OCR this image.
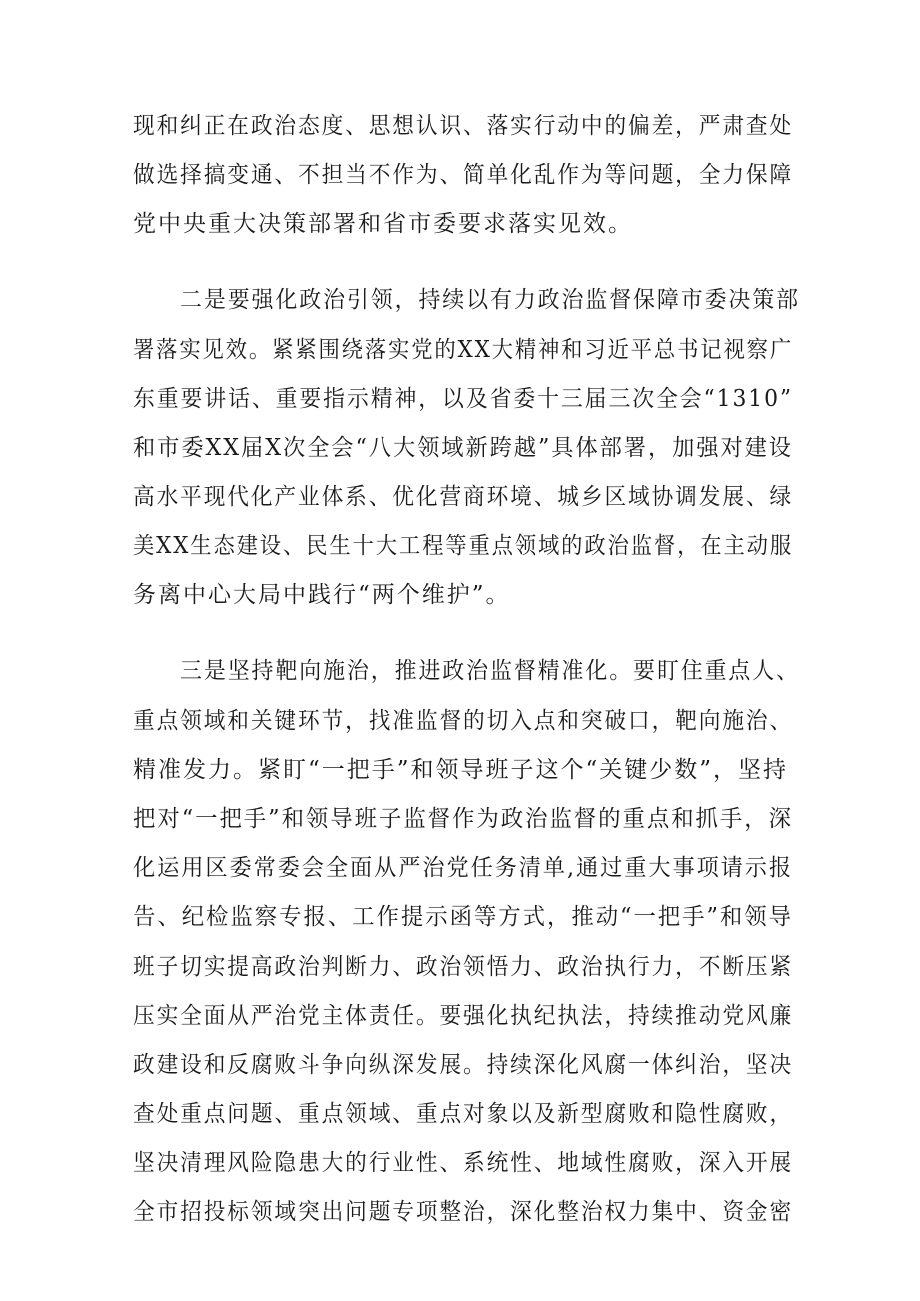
现和纠正在政治态度、思想认识、落实行动中的偏差，严肃查处
做选择搞变通、不担当不作为、简单化乱作为等问题，全力保障
党中央重大决策部署和省市委要求落实见效。
二是要强化政治引领，持续以有力政治监督保障市委决策部
署落实见效。紧紧围绕落实党的XX大精神和习近平总书记视察广
东重要讲话、重要指示精神，以及省委十三届三次全会“1310”
和市委XX届X次全会“八大领域新跨越”具体部署，加强对建设
高水平现代化产业体系、优化营商环境、城乡区域协调发展、绿
美XX生态建设、民生十大工程等重点领域的政治监督，在主动服
务离中心大局中践行“两个维护”。
三是坚持靶向施治，推进政治监督精准化。要盯住重点人、
重点领域和关键环节，找准监督的切入点和突破口，靶向施治、
精准发力。紧盯“一把手”和领导班子这个“关键少数”，坚持
把对“一把手”和领导班子监督作为政治监督的重点和抓手，深
化运用区委常委会全面从严治党任务清单,通过重大事项请示报
告、纪检监察专报、工作提示函等方式，推动“一把手”和领导
班子切实提高政治判断力、政治领悟力、政治执行力，不断压紧
压实全面从严治党主体责任。要强化执纪执法，持续推动党风廉
政建设和反腐败斗争向纵深发展。持续深化风腐一体纠治，坚决
查处重点问题、重点领域、重点对象以及新型腐败和隐性腐败，
坚决清理风险隐患大的行业性、系统性、地域性腐败，深入开展
全市招投标领域突出问题专项整治，深化整治权力集中、资金密
